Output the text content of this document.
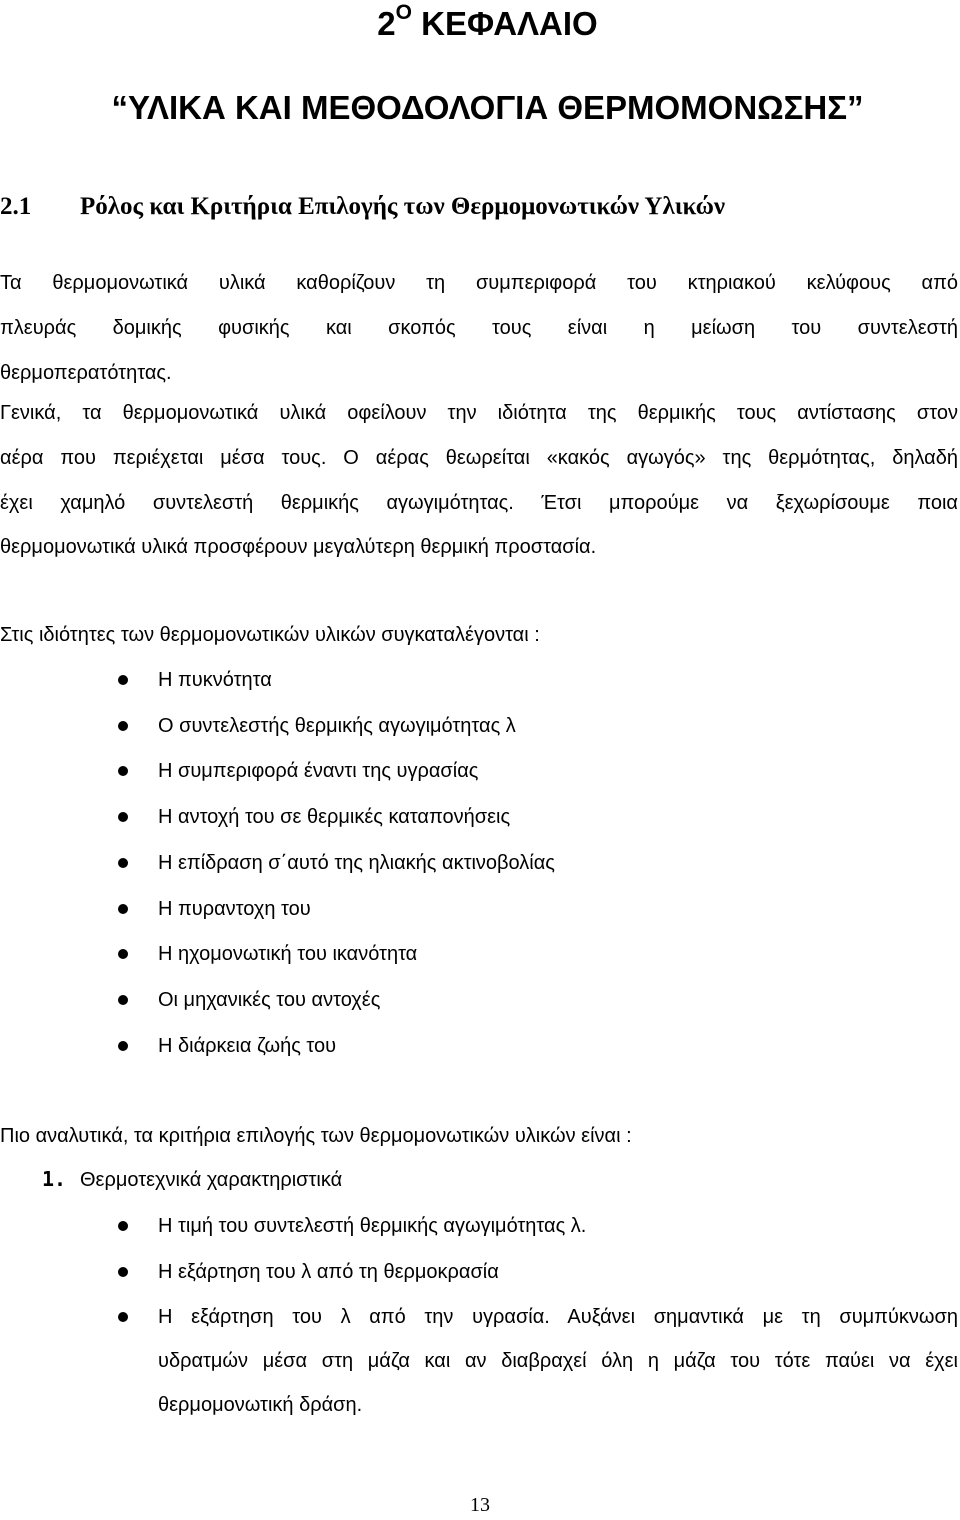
$2^O$ ΚΕΦΑΛΑΙΟ
“ΥΛΙΚΑ ΚΑΙ ΜΕΘΟΔΟΛΟΓΙΑ ΘΕΡΜΟΜΟΝΩΣΗΣ”
2.1 Ρόλος και Κριτήρια Επιλογής των Θερμομονωτικών Υλικών
Τα θερμομονωτικά υλικά καθορίζουν τη συμπεριφορά του κτηριακού κελύφους από
πλευράς δομικής φυσικής και σκοπός τους είναι η μείωση του συντελεστή
θερμοπερατότητας.
Γενικά, τα θερμομονωτικά υλικά οφείλουν την ιδιότητα της θερμικής τους αντίστασης στον
αέρα που περιέχεται μέσα τους. Ο αέρας θεωρείται «κακός αγωγός» της θερμότητας, δηλαδή
έχει χαμηλό συντελεστή θερμικής αγωγιμότητας. Έτσι μπορούμε να ξεχωρίσουμε ποια
θερμομονωτικά υλικά προσφέρουν μεγαλύτερη θερμική προστασία.
Στις ιδιότητες των θερμομονωτικών υλικών συγκαταλέγονται :
Η πυκνότητα
Ο συντελεστής θερμικής αγωγιμότητας λ
Η συμπεριφορά έναντι της υγρασίας
Η αντοχή του σε θερμικές καταπονήσεις
Η επίδραση σ΄αυτό της ηλιακής ακτινοβολίας
Η πυραντοχη του
Η ηχομονωτική του ικανότητα
Οι μηχανικές του αντοχές
Η διάρκεια ζωής του
Πιο αναλυτικά, τα κριτήρια επιλογής των θερμομονωτικών υλικών είναι :
1. Θερμοτεχνικά χαρακτηριστικά
Η τιμή του συντελεστή θερμικής αγωγιμότητας λ.
Η εξάρτηση του λ από τη θερμοκρασία
Η εξάρτηση του λ από την υγρασία. Αυξάνει σημαντικά με τη συμπύκνωση
υδρατμών μέσα στη μάζα και αν διαβραχεί όλη η μάζα του τότε παύει να έχει
θερμομονωτική δράση.
13
